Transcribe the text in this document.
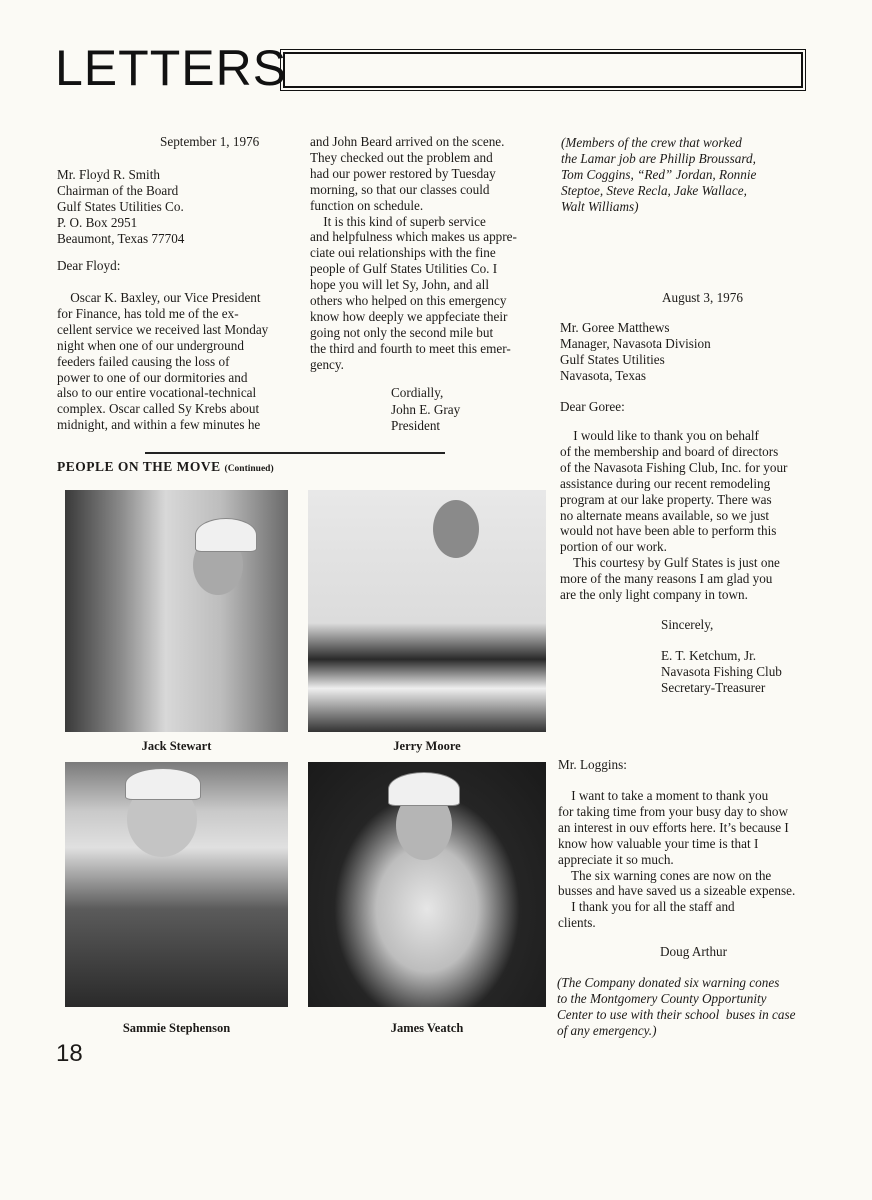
LETTERS
September 1, 1976
Mr. Floyd R. Smith
Chairman of the Board
Gulf States Utilities Co.
P. O. Box 2951
Beaumont, Texas 77704
Dear Floyd:
Oscar K. Baxley, our Vice President
for Finance, has told me of the ex-
cellent service we received last Monday
night when one of our underground
feeders failed causing the loss of
power to one of our dormitories and
also to our entire vocational-technical
complex. Oscar called Sy Krebs about
midnight, and within a few minutes he
and John Beard arrived on the scene.
They checked out the problem and
had our power restored by Tuesday
morning, so that our classes could
function on schedule.
It is this kind of superb service
and helpfulness which makes us appre-
ciate oui relationships with the fine
people of Gulf States Utilities Co. I
hope you will let Sy, John, and all
others who helped on this emergency
know how deeply we appfeciate their
going not only the second mile but
the third and fourth to meet this emer-
gency.
Cordially,
John E. Gray
President
(Members of the crew that worked
the Lamar job are Phillip Broussard,
Tom Coggins, “Red” Jordan, Ronnie
Steptoe, Steve Recla, Jake Wallace,
Walt Williams)
August 3, 1976
Mr. Goree Matthews
Manager, Navasota Division
Gulf States Utilities
Navasota, Texas
Dear Goree:
I would like to thank you on behalf
of the membership and board of directors
of the Navasota Fishing Club, Inc. for your
assistance during our recent remodeling
program at our lake property. There was
no alternate means available, so we just
would not have been able to perform this
portion of our work.
This courtesy by Gulf States is just one
more of the many reasons I am glad you
are the only light company in town.
Sincerely,
E. T. Ketchum, Jr.
Navasota Fishing Club
Secretary-Treasurer
Mr. Loggins:
I want to take a moment to thank you
for taking time from your busy day to show
an interest in ouv efforts here. It’s because I
know how valuable your time is that I
appreciate it so much.
The six warning cones are now on the
busses and have saved us a sizeable expense.
I thank you for all the staff and
clients.
Doug Arthur
(The Company donated six warning cones
to the Montgomery County Opportunity
Center to use with their school  buses in case
of any emergency.)
PEOPLE ON THE MOVE (Continued)
Jack Stewart	Jerry Moore
Sammie Stephenson	James Veatch
18
